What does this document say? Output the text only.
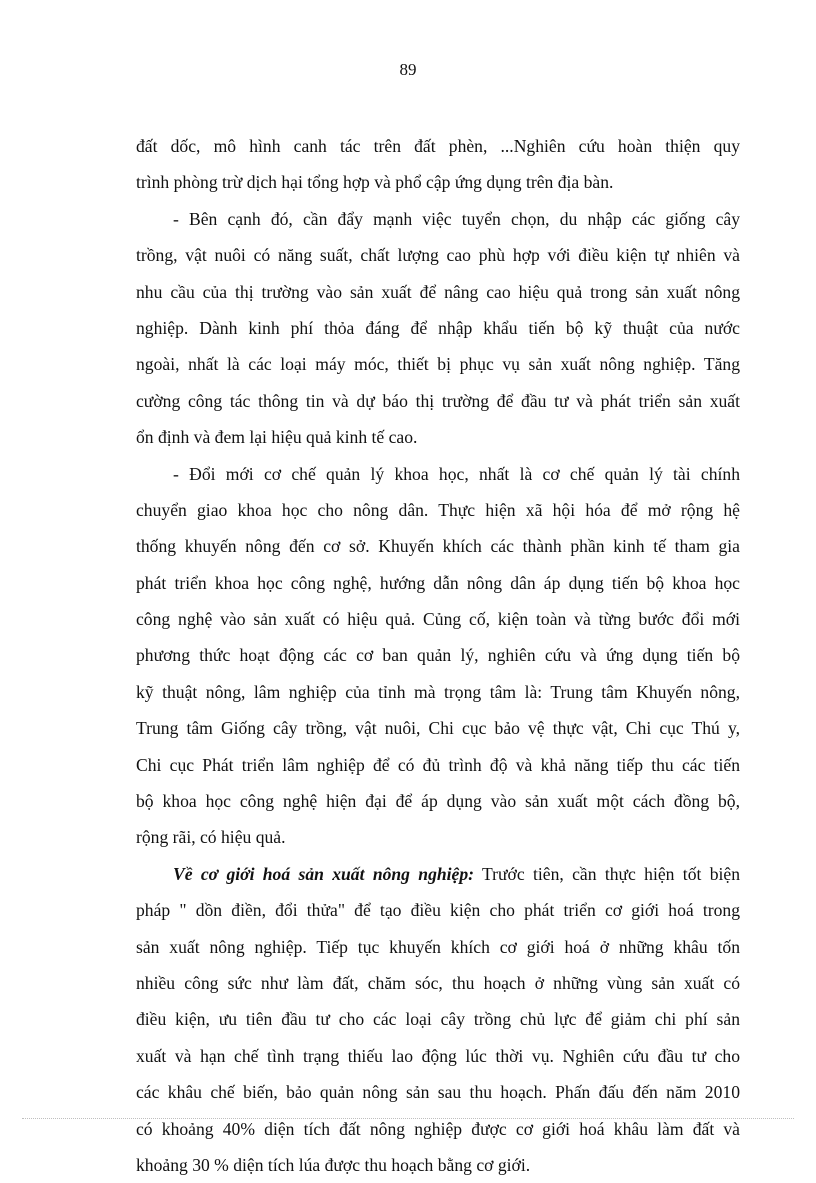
89
đất dốc, mô hình canh tác trên đất phèn, ...Nghiên cứu hoàn thiện quy
trình phòng trừ dịch hại tổng hợp và phổ cập ứng dụng trên địa bàn.
- Bên cạnh đó, cần đẩy mạnh việc tuyển chọn, du nhập các giống cây
trồng, vật nuôi có năng suất, chất lượng cao phù hợp với điều kiện tự nhiên và
nhu cầu của thị trường vào sản xuất để nâng cao hiệu quả trong sản xuất nông
nghiệp. Dành kinh phí thỏa đáng để nhập khẩu tiến bộ kỹ thuật của nước
ngoài, nhất là các loại máy móc, thiết bị phục vụ sản xuất nông nghiệp. Tăng
cường công tác thông tin và dự báo thị trường để đầu tư và phát triển sản xuất
ổn định và đem lại hiệu quả kinh tế cao.
- Đổi mới cơ chế quản lý khoa học, nhất là cơ chế quản lý tài chính
chuyển giao khoa học cho nông dân. Thực hiện xã hội hóa để mở rộng hệ
thống khuyến nông đến cơ sở. Khuyến khích các thành phần kinh tế tham gia
phát triển khoa học công nghệ, hướng dẫn nông dân áp dụng tiến bộ khoa học
công nghệ vào sản xuất có hiệu quả. Củng cố, kiện toàn và từng bước đổi mới
phương thức hoạt động các cơ ban quản lý, nghiên cứu và ứng dụng tiến bộ
kỹ thuật nông, lâm nghiệp của tỉnh mà trọng tâm là: Trung tâm Khuyến nông,
Trung tâm Giống cây trồng, vật nuôi, Chi cục bảo vệ thực vật, Chi cục Thú y,
Chi cục Phát triển lâm nghiệp để có đủ trình độ và khả năng tiếp thu các tiến
bộ khoa học công nghệ hiện đại để áp dụng vào sản xuất một cách đồng bộ,
rộng rãi, có hiệu quả.
Về cơ giới hoá sản xuất nông nghiệp: Trước tiên, cần thực hiện tốt biện
pháp " dồn điền, đổi thửa" để tạo điều kiện cho phát triển cơ giới hoá trong
sản xuất nông nghiệp. Tiếp tục khuyến khích cơ giới hoá ở những khâu tốn
nhiều công sức như làm đất, chăm sóc, thu hoạch ở những vùng sản xuất có
điều kiện, ưu tiên đầu tư cho các loại cây trồng chủ lực để giảm chi phí sản
xuất và hạn chế tình trạng thiếu lao động lúc thời vụ. Nghiên cứu đầu tư cho
các khâu chế biến, bảo quản nông sản sau thu hoạch. Phấn đấu đến năm 2010
có khoảng 40% diện tích đất nông nghiệp được cơ giới hoá khâu làm đất và
khoảng 30 % diện tích lúa được thu hoạch bằng cơ giới.
